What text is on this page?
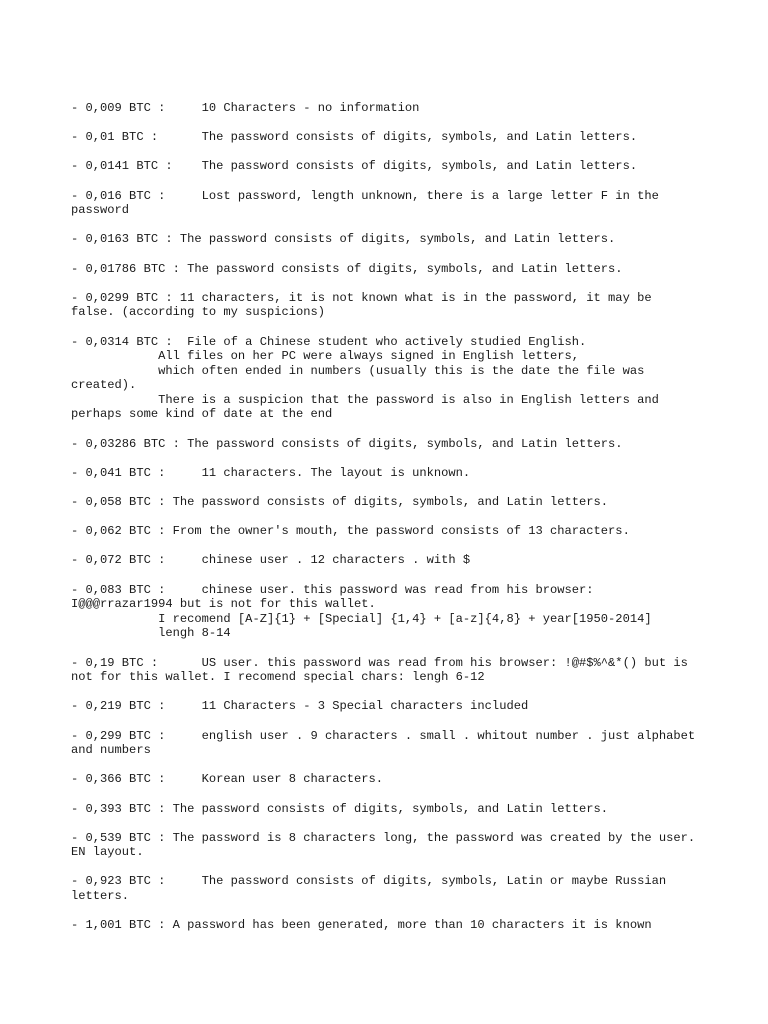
- 0,009 BTC :     10 Characters - no information
- 0,01 BTC :      The password consists of digits, symbols, and Latin letters.
- 0,0141 BTC :    The password consists of digits, symbols, and Latin letters.
- 0,016 BTC :     Lost password, length unknown, there is a large letter F in the password
- 0,0163 BTC : The password consists of digits, symbols, and Latin letters.
- 0,01786 BTC : The password consists of digits, symbols, and Latin letters.
- 0,0299 BTC : 11 characters, it is not known what is in the password, it may be false. (according to my suspicions)
- 0,0314 BTC :  File of a Chinese student who actively studied English.
All files on her PC were always signed in English letters,
which often ended in numbers (usually this is the date the file was created).
There is a suspicion that the password is also in English letters and perhaps some kind of date at the end
- 0,03286 BTC : The password consists of digits, symbols, and Latin letters.
- 0,041 BTC :     11 characters. The layout is unknown.
- 0,058 BTC : The password consists of digits, symbols, and Latin letters.
- 0,062 BTC : From the owner's mouth, the password consists of 13 characters.
- 0,072 BTC :     chinese user . 12 characters . with $
- 0,083 BTC :     chinese user. this password was read from his browser: I@@@rrazar1994 but is not for this wallet.
I recomend [A-Z]{1} + [Special] {1,4} + [a-z]{4,8} + year[1950-2014]
lengh 8-14
- 0,19 BTC :      US user. this password was read from his browser: !@#$%^&*() but is not for this wallet. I recomend special chars: lengh 6-12
- 0,219 BTC :     11 Characters - 3 Special characters included
- 0,299 BTC :     english user . 9 characters . small . whitout number . just alphabet and numbers
- 0,366 BTC :     Korean user 8 characters.
- 0,393 BTC : The password consists of digits, symbols, and Latin letters.
- 0,539 BTC : The password is 8 characters long, the password was created by the user. EN layout.
- 0,923 BTC :     The password consists of digits, symbols, Latin or maybe Russian letters.
- 1,001 BTC : A password has been generated, more than 10 characters it is known
